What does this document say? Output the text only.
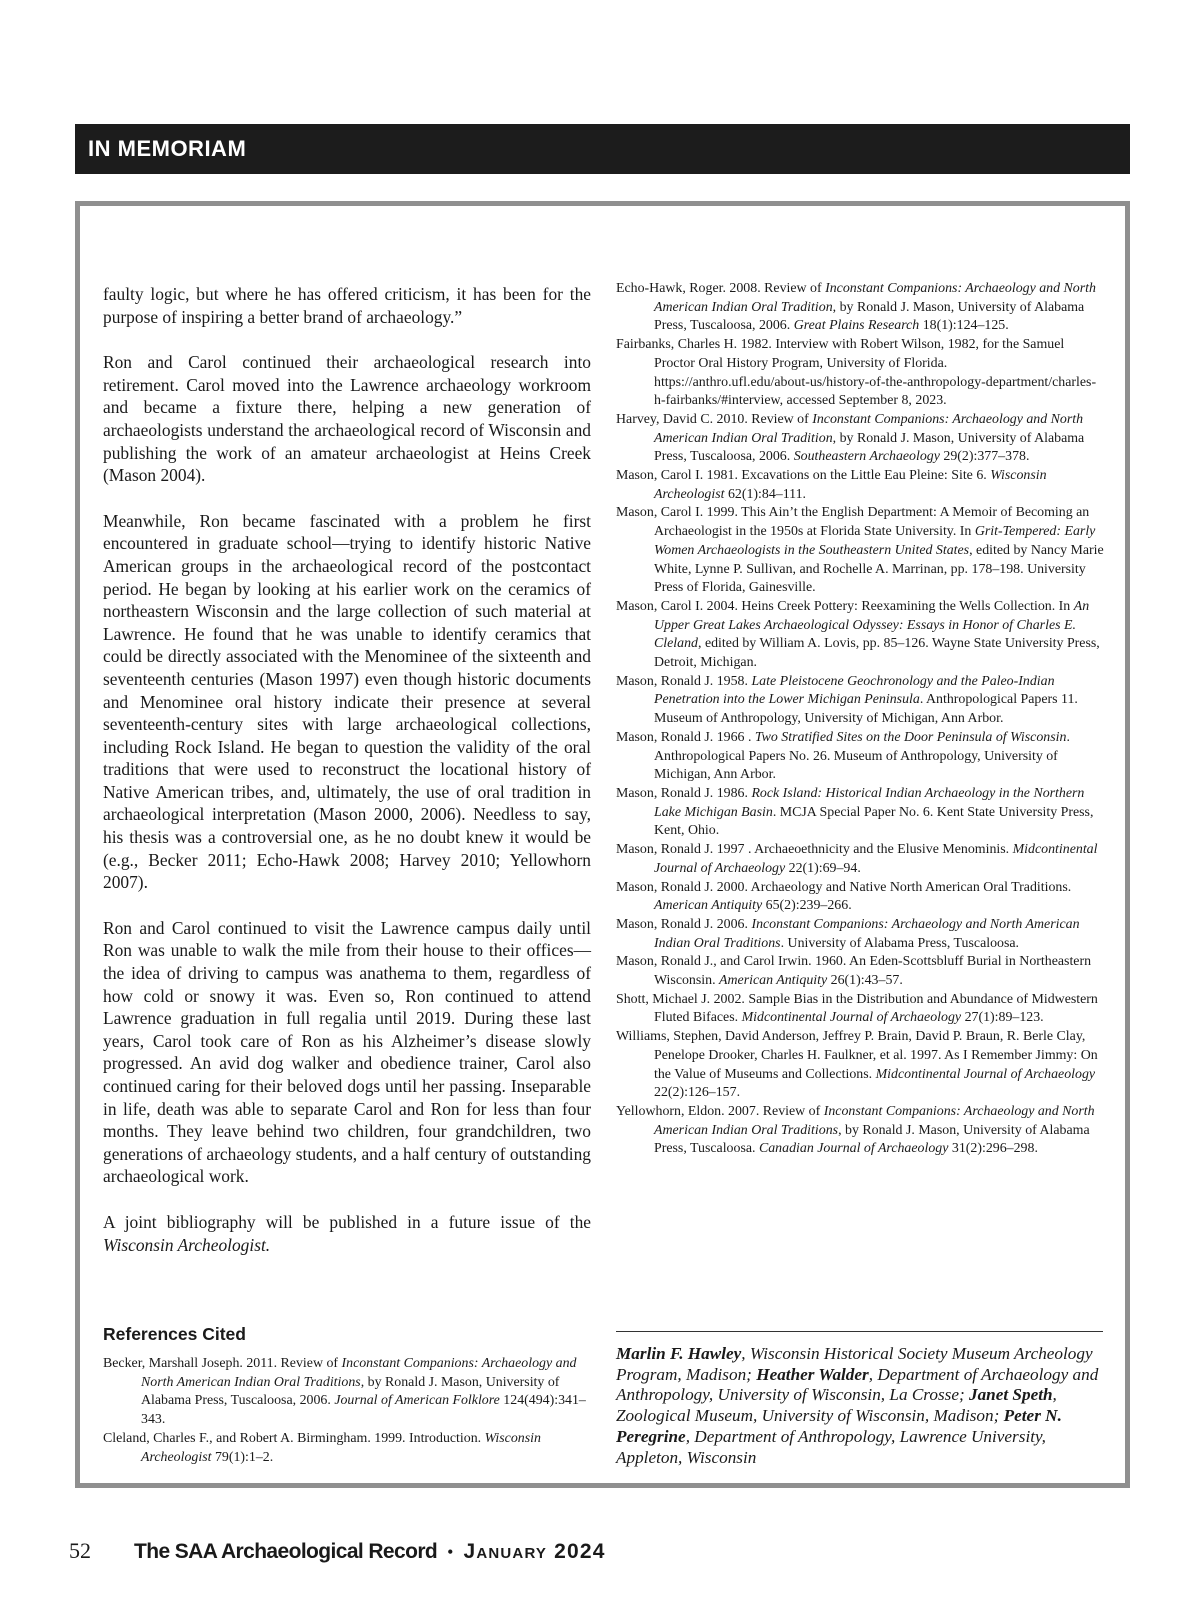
IN MEMORIAM

faulty logic, but where he has offered criticism, it has been for the purpose of inspiring a better brand of archaeology.”

Ron and Carol continued their archaeological research into retirement. Carol moved into the Lawrence archaeology workroom and became a fixture there, helping a new generation of archaeologists understand the archaeological record of Wisconsin and publishing the work of an amateur archaeologist at Heins Creek (Mason 2004).

Meanwhile, Ron became fascinated with a problem he first encountered in graduate school—trying to identify historic Native American groups in the archaeological record of the postcontact period. He began by looking at his earlier work on the ceramics of northeastern Wisconsin and the large collection of such material at Lawrence. He found that he was unable to identify ceramics that could be directly associated with the Menominee of the sixteenth and seventeenth centuries (Mason 1997) even though historic documents and Menominee oral history indicate their presence at several seventeenth-century sites with large archaeological collections, including Rock Island. He began to question the validity of the oral traditions that were used to reconstruct the locational history of Native American tribes, and, ultimately, the use of oral tradition in archaeological interpretation (Mason 2000, 2006). Needless to say, his thesis was a controversial one, as he no doubt knew it would be (e.g., Becker 2011; Echo-Hawk 2008; Harvey 2010; Yellowhorn 2007).

Ron and Carol continued to visit the Lawrence campus daily until Ron was unable to walk the mile from their house to their offices—the idea of driving to campus was anathema to them, regardless of how cold or snowy it was. Even so, Ron continued to attend Lawrence graduation in full regalia until 2019. During these last years, Carol took care of Ron as his Alzheimer’s disease slowly progressed. An avid dog walker and obedience trainer, Carol also continued caring for their beloved dogs until her passing. Inseparable in life, death was able to separate Carol and Ron for less than four months. They leave behind two children, four grandchildren, two generations of archaeology students, and a half century of outstanding archaeological work.

A joint bibliography will be published in a future issue of the Wisconsin Archeologist.

References Cited

Becker, Marshall Joseph. 2011. Review of Inconstant Companions: Archaeology and North American Indian Oral Traditions, by Ronald J. Mason, University of Alabama Press, Tuscaloosa, 2006. Journal of American Folklore 124(494):341–343.

Cleland, Charles F., and Robert A. Birmingham. 1999. Introduction. Wisconsin Archeologist 79(1):1–2.

Echo-Hawk, Roger. 2008. Review of Inconstant Companions: Archaeology and North American Indian Oral Tradition, by Ronald J. Mason, University of Alabama Press, Tuscaloosa, 2006. Great Plains Research 18(1):124–125.

Fairbanks, Charles H. 1982. Interview with Robert Wilson, 1982, for the Samuel Proctor Oral History Program, University of Florida. https://anthro.ufl.edu/about-us/history-of-the-anthropology-department/charles-h-fairbanks/#interview, accessed September 8, 2023.

Harvey, David C. 2010. Review of Inconstant Companions: Archaeology and North American Indian Oral Tradition, by Ronald J. Mason, University of Alabama Press, Tuscaloosa, 2006. Southeastern Archaeology 29(2):377–378.

Mason, Carol I. 1981. Excavations on the Little Eau Pleine: Site 6. Wisconsin Archeologist 62(1):84–111.

Mason, Carol I. 1999. This Ain’t the English Department: A Memoir of Becoming an Archaeologist in the 1950s at Florida State University. In Grit-Tempered: Early Women Archaeologists in the Southeastern United States, edited by Nancy Marie White, Lynne P. Sullivan, and Rochelle A. Marrinan, pp. 178–198. University Press of Florida, Gainesville.

Mason, Carol I. 2004. Heins Creek Pottery: Reexamining the Wells Collection. In An Upper Great Lakes Archaeological Odyssey: Essays in Honor of Charles E. Cleland, edited by William A. Lovis, pp. 85–126. Wayne State University Press, Detroit, Michigan.

Mason, Ronald J. 1958. Late Pleistocene Geochronology and the Paleo-Indian Penetration into the Lower Michigan Peninsula. Anthropological Papers 11. Museum of Anthropology, University of Michigan, Ann Arbor.

Mason, Ronald J. 1966 . Two Stratified Sites on the Door Peninsula of Wisconsin. Anthropological Papers No. 26. Museum of Anthropology, University of Michigan, Ann Arbor.

Mason, Ronald J. 1986. Rock Island: Historical Indian Archaeology in the Northern Lake Michigan Basin. MCJA Special Paper No. 6. Kent State University Press, Kent, Ohio.

Mason, Ronald J. 1997 . Archaeoethnicity and the Elusive Menominis. Midcontinental Journal of Archaeology 22(1):69–94.

Mason, Ronald J. 2000. Archaeology and Native North American Oral Traditions. American Antiquity 65(2):239–266.

Mason, Ronald J. 2006. Inconstant Companions: Archaeology and North American Indian Oral Traditions. University of Alabama Press, Tuscaloosa.

Mason, Ronald J., and Carol Irwin. 1960. An Eden-Scottsbluff Burial in Northeastern Wisconsin. American Antiquity 26(1):43–57.

Shott, Michael J. 2002. Sample Bias in the Distribution and Abundance of Midwestern Fluted Bifaces. Midcontinental Journal of Archaeology 27(1):89–123.

Williams, Stephen, David Anderson, Jeffrey P. Brain, David P. Braun, R. Berle Clay, Penelope Drooker, Charles H. Faulkner, et al. 1997. As I Remember Jimmy: On the Value of Museums and Collections. Midcontinental Journal of Archaeology 22(2):126–157.

Yellowhorn, Eldon. 2007. Review of Inconstant Companions: Archaeology and North American Indian Oral Traditions, by Ronald J. Mason, University of Alabama Press, Tuscaloosa. Canadian Journal of Archaeology 31(2):296–298.

Marlin F. Hawley, Wisconsin Historical Society Museum Archeology Program, Madison; Heather Walder, Department of Archaeology and Anthropology, University of Wisconsin, La Crosse; Janet Speth, Zoological Museum, University of Wisconsin, Madison; Peter N. Peregrine, Department of Anthropology, Lawrence University, Appleton, Wisconsin
52 The SAA Archaeological Record • January 2024
